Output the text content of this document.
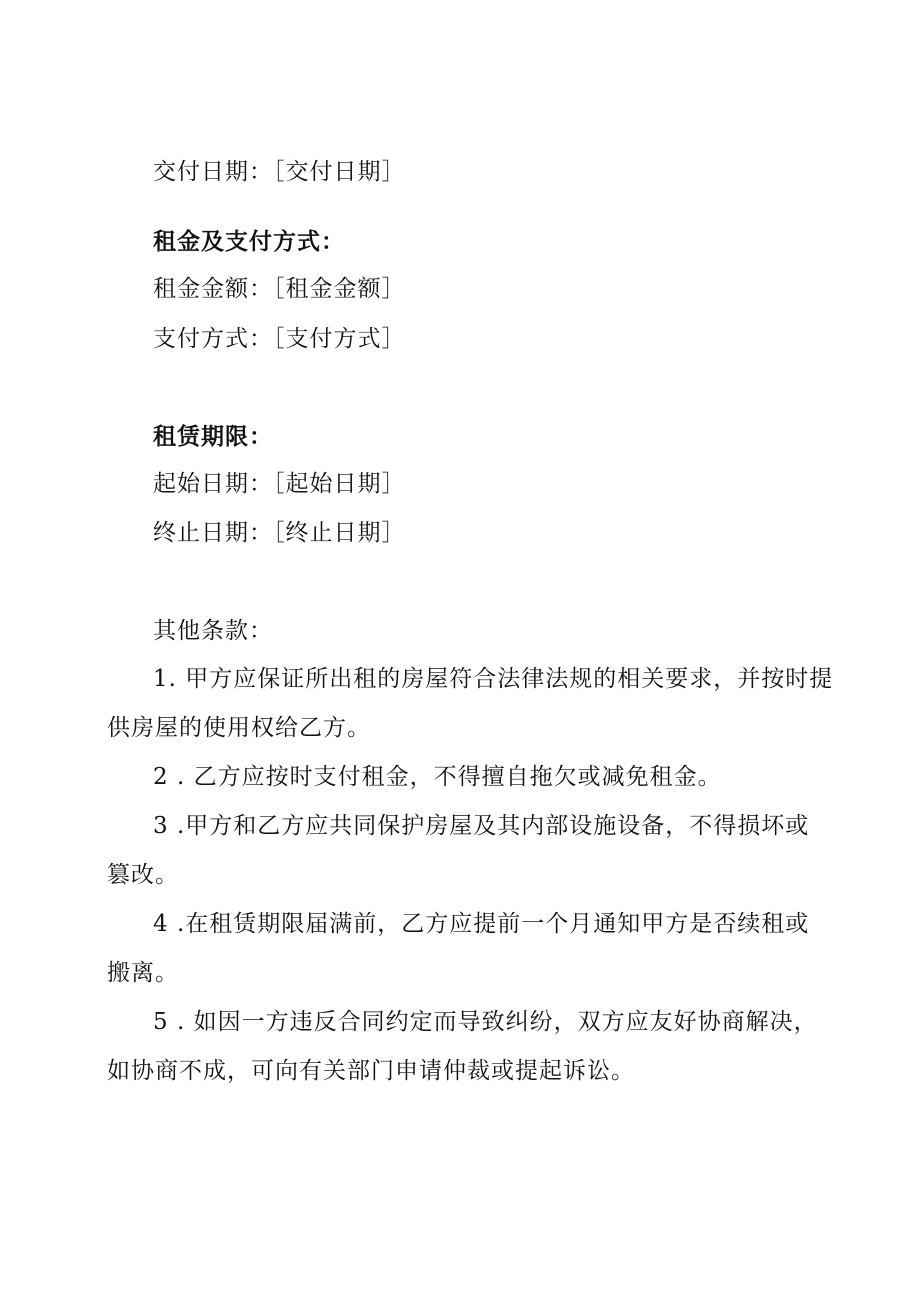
交付日期：［交付日期］
租金及支付方式：
租金金额：［租金金额］
支付方式：［支付方式］
租赁期限：
起始日期：［起始日期］
终止日期：［终止日期］
其他条款：
1. 甲方应保证所出租的房屋符合法律法规的相关要求，并按时提
供房屋的使用权给乙方。
2 . 乙方应按时支付租金，不得擅自拖欠或减免租金。
3 .甲方和乙方应共同保护房屋及其内部设施设备，不得损坏或
篡改。
4 .在租赁期限届满前，乙方应提前一个月通知甲方是否续租或
搬离。
5 . 如因一方违反合同约定而导致纠纷，双方应友好协商解决，
如协商不成，可向有关部门申请仲裁或提起诉讼。
